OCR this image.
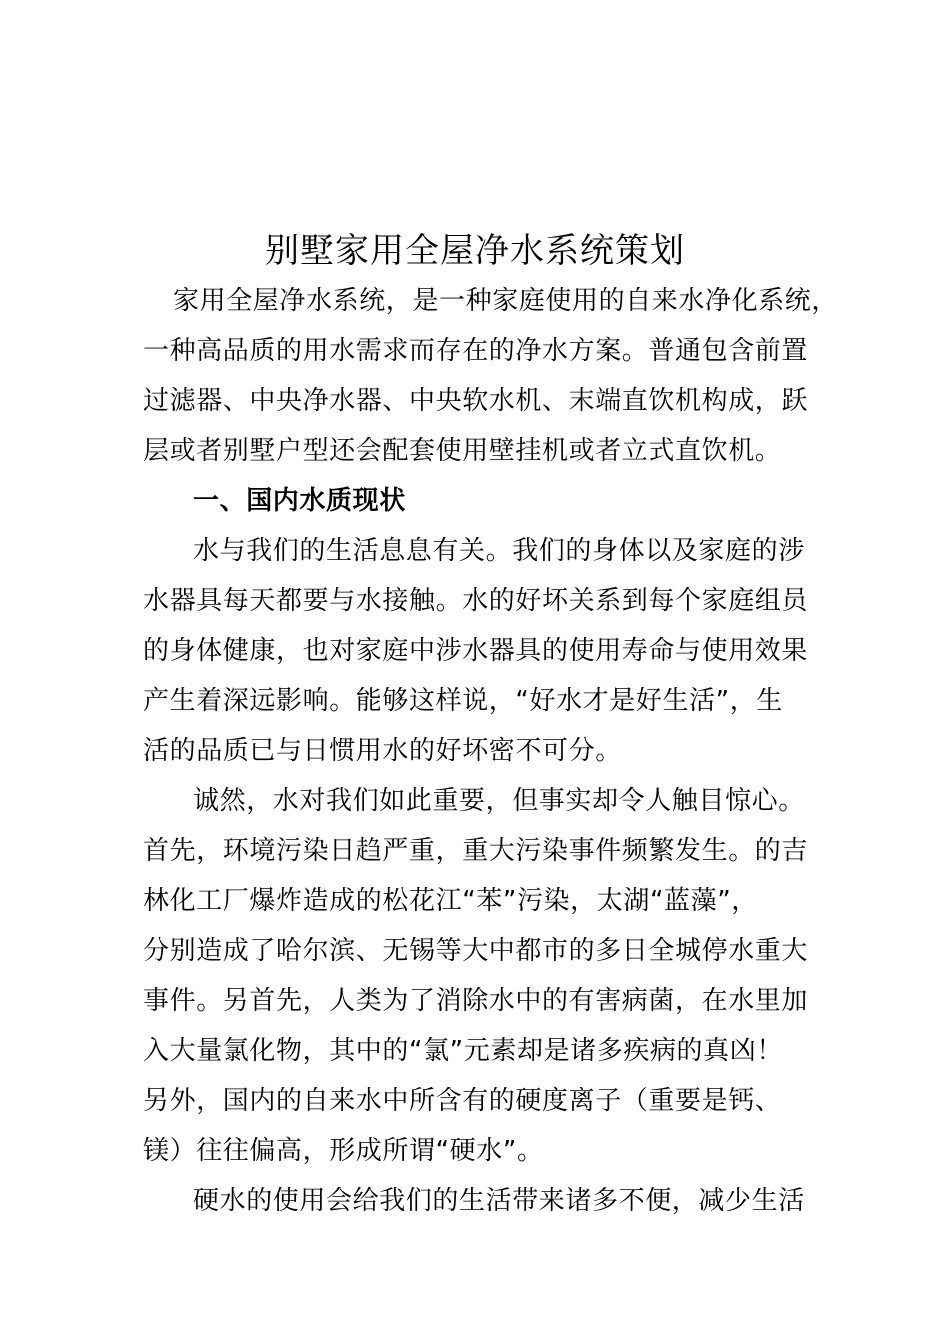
别墅家用全屋净水系统策划
家用全屋净水系统，是一种家庭使用的自来水净化系统，
一种高品质的用水需求而存在的净水方案。普通包含前置
过滤器、中央净水器、中央软水机、末端直饮机构成，跃
层或者别墅户型还会配套使用壁挂机或者立式直饮机。
一、国内水质现状
水与我们的生活息息有关。我们的身体以及家庭的涉
水器具每天都要与水接触。水的好坏关系到每个家庭组员
的身体健康，也对家庭中涉水器具的使用寿命与使用效果
产生着深远影响。能够这样说，“好水才是好生活”，生
活的品质已与日惯用水的好坏密不可分。
诚然，水对我们如此重要，但事实却令人触目惊心。
首先，环境污染日趋严重，重大污染事件频繁发生。的吉
林化工厂爆炸造成的松花江“苯”污染，太湖“蓝藻”，
分别造成了哈尔滨、无锡等大中都市的多日全城停水重大
事件。另首先，人类为了消除水中的有害病菌，在水里加
入大量氯化物，其中的“氯”元素却是诸多疾病的真凶！
另外，国内的自来水中所含有的硬度离子（重要是钙、
镁）往往偏高，形成所谓“硬水”。
硬水的使用会给我们的生活带来诸多不便，减少生活
